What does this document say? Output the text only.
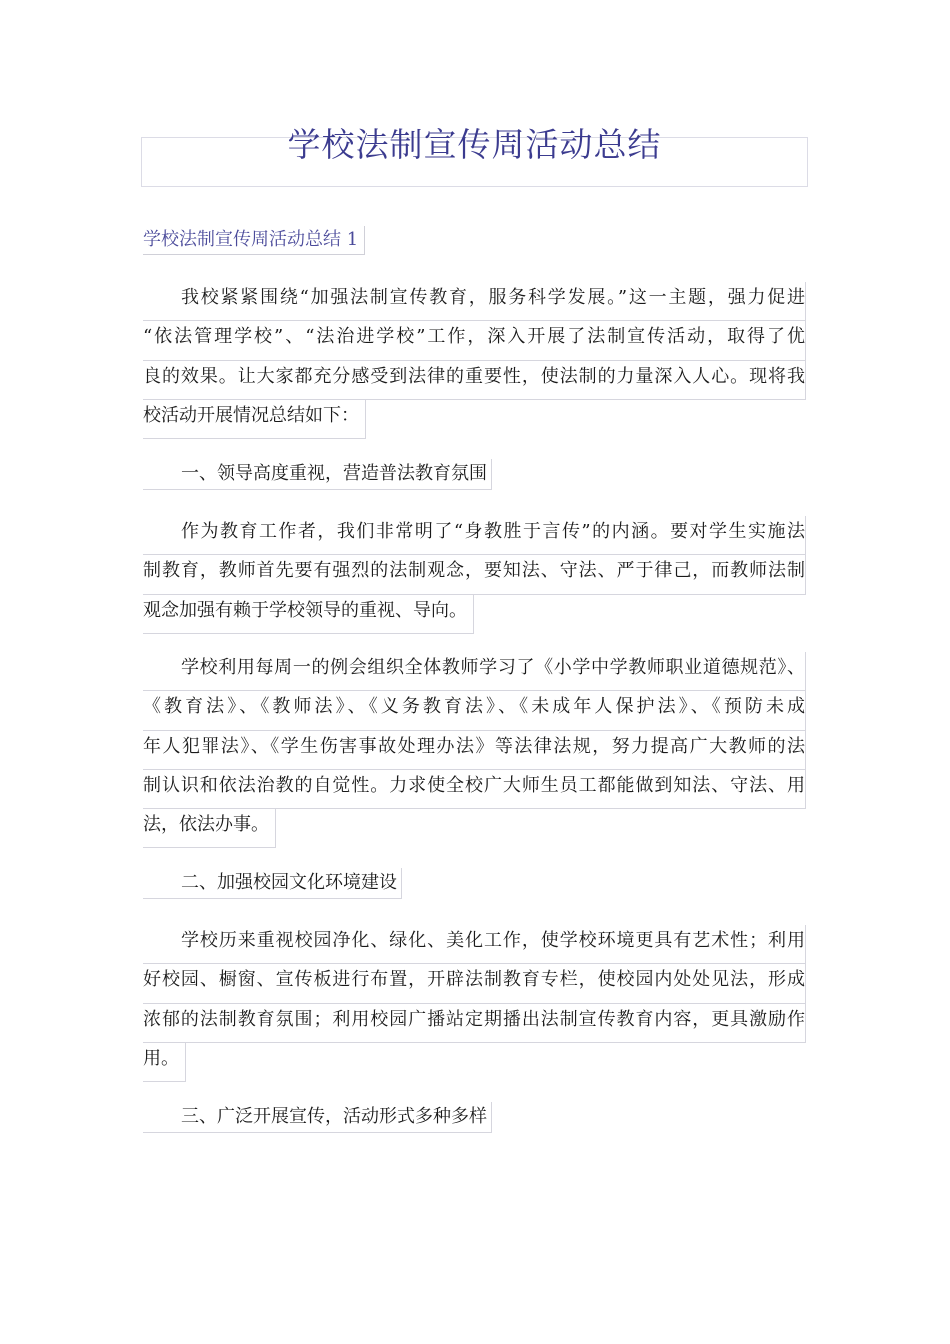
学校法制宣传周活动总结
学校法制宣传周活动总结 1
我校紧紧围绕“加强法制宣传教育，服务科学发展。”这一主题，强力促进
“依法管理学校”、“法治进学校”工作，深入开展了法制宣传活动，取得了优
良的效果。让大家都充分感受到法律的重要性，使法制的力量深入人心。现将我
校活动开展情况总结如下：
一、领导高度重视，营造普法教育氛围
作为教育工作者，我们非常明了“身教胜于言传”的内涵。要对学生实施法
制教育，教师首先要有强烈的法制观念，要知法、守法、严于律己，而教师法制
观念加强有赖于学校领导的重视、导向。
学校利用每周一的例会组织全体教师学习了《小学中学教师职业道德规范》、
《教育法》、《教师法》、《义务教育法》、《未成年人保护法》、《预防未成
年人犯罪法》、《学生伤害事故处理办法》等法律法规，努力提高广大教师的法
制认识和依法治教的自觉性。力求使全校广大师生员工都能做到知法、守法、用
法，依法办事。
二、加强校园文化环境建设
学校历来重视校园净化、绿化、美化工作，使学校环境更具有艺术性；利用
好校园、橱窗、宣传板进行布置，开辟法制教育专栏，使校园内处处见法，形成
浓郁的法制教育氛围；利用校园广播站定期播出法制宣传教育内容，更具激励作
用。
三、广泛开展宣传，活动形式多种多样
